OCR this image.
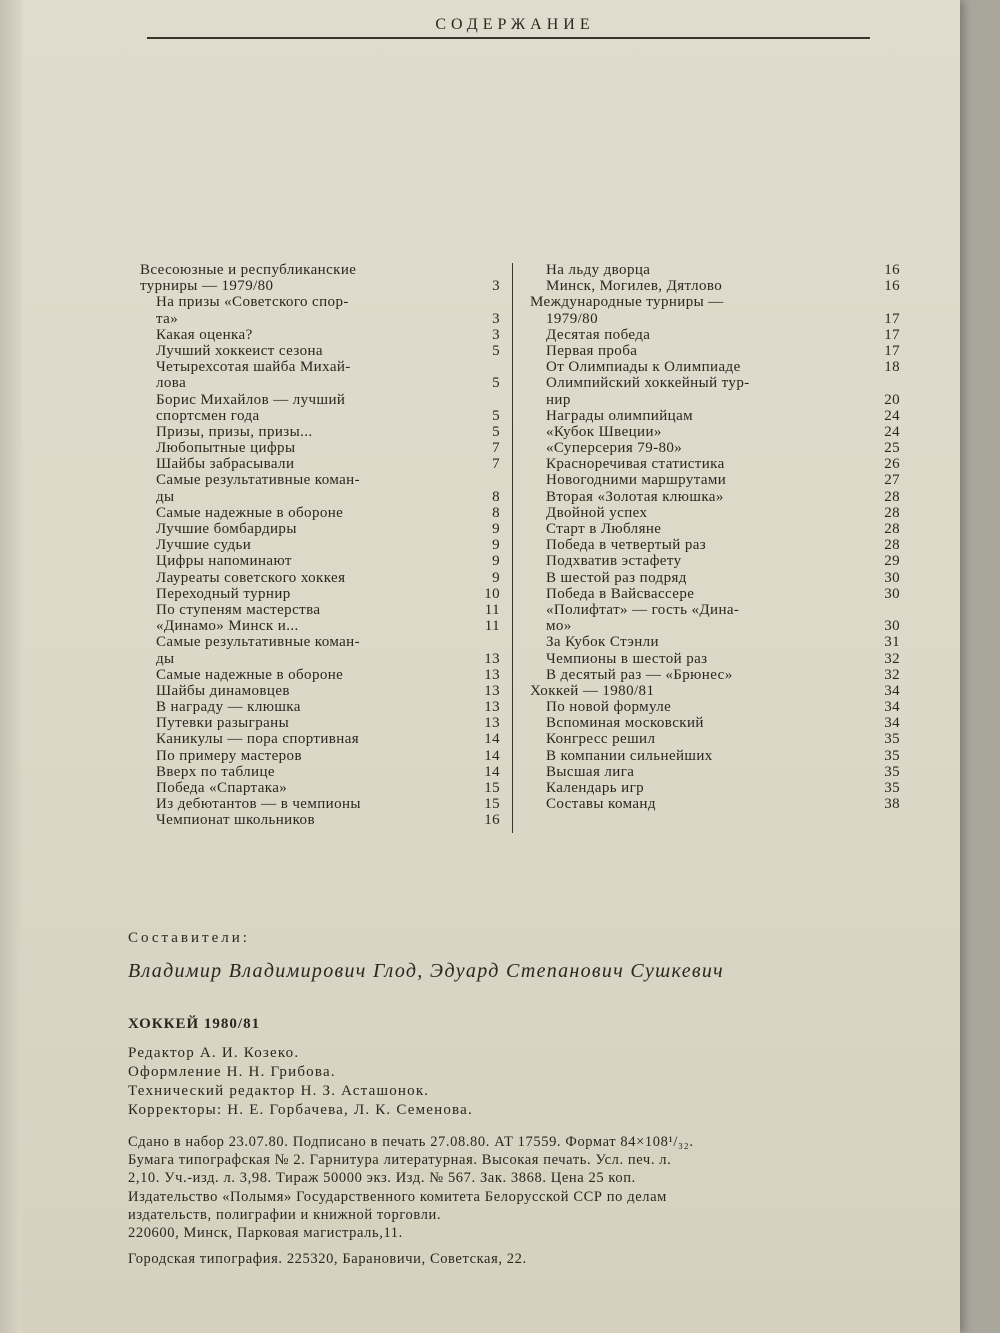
СОДЕРЖАНИЕ
Всесоюзные и республиканские
турниры — 1979/80	3
На призы «Советского спор-
та»	3
Какая оценка?	3
Лучший хоккеист сезона	5
Четырехсотая шайба Михай-
лова	5
Борис Михайлов — лучший
спортсмен года	5
Призы, призы, призы...	5
Любопытные цифры	7
Шайбы забрасывали	7
Самые результативные коман-
ды	8
Самые надежные в обороне	8
Лучшие бомбардиры	9
Лучшие судьи	9
Цифры напоминают	9
Лауреаты советского хоккея	9
Переходный турнир	10
По ступеням мастерства	11
«Динамо» Минск и...	11
Самые результативные коман-
ды	13
Самые надежные в обороне	13
Шайбы динамовцев	13
В награду — клюшка	13
Путевки разыграны	13
Каникулы — пора спортивная	14
По примеру мастеров	14
Вверх по таблице	14
Победа «Спартака»	15
Из дебютантов — в чемпионы	15
Чемпионат школьников	16
На льду дворца	16
Минск, Могилев, Дятлово	16
Международные турниры —
1979/80	17
Десятая победа	17
Первая проба	17
От Олимпиады к Олимпиаде	18
Олимпийский хоккейный тур-
нир	20
Награды олимпийцам	24
«Кубок Швеции»	24
«Суперсерия 79-80»	25
Красноречивая статистика	26
Новогодними маршрутами	27
Вторая «Золотая клюшка»	28
Двойной успех	28
Старт в Любляне	28
Победа в четвертый раз	28
Подхватив эстафету	29
В шестой раз подряд	30
Победа в Вайсвассере	30
«Полифтат» — гость «Дина-
мо»	30
За Кубок Стэнли	31
Чемпионы в шестой раз	32
В десятый раз — «Брюнес»	32
Хоккей — 1980/81	34
По новой формуле	34
Вспоминая московский	34
Конгресс решил	35
В компании сильнейших	35
Высшая лига	35
Календарь игр	35
Составы команд	38
Составители:
Владимир Владимирович Глод, Эдуард Степанович Сушкевич
ХОККЕЙ 1980/81
Редактор А. И. Козеко.
Оформление Н. Н. Грибова.
Технический редактор Н. З. Асташонок.
Корректоры: Н. Е. Горбачева, Л. К. Семенова.
Сдано в набор 23.07.80. Подписано в печать 27.08.80. АТ 17559. Формат 84×108¹/₃₂.
Бумага типографская № 2. Гарнитура литературная. Высокая печать. Усл. печ. л.
2,10. Уч.-изд. л. 3,98. Тираж 50000 экз. Изд. № 567. Зак. 3868. Цена 25 коп.
Издательство «Полымя» Государственного комитета Белорусской ССР по делам
издательств, полиграфии и книжной торговли.
220600, Минск, Парковая магистраль,11.
Городская типография. 225320, Барановичи, Советская, 22.
